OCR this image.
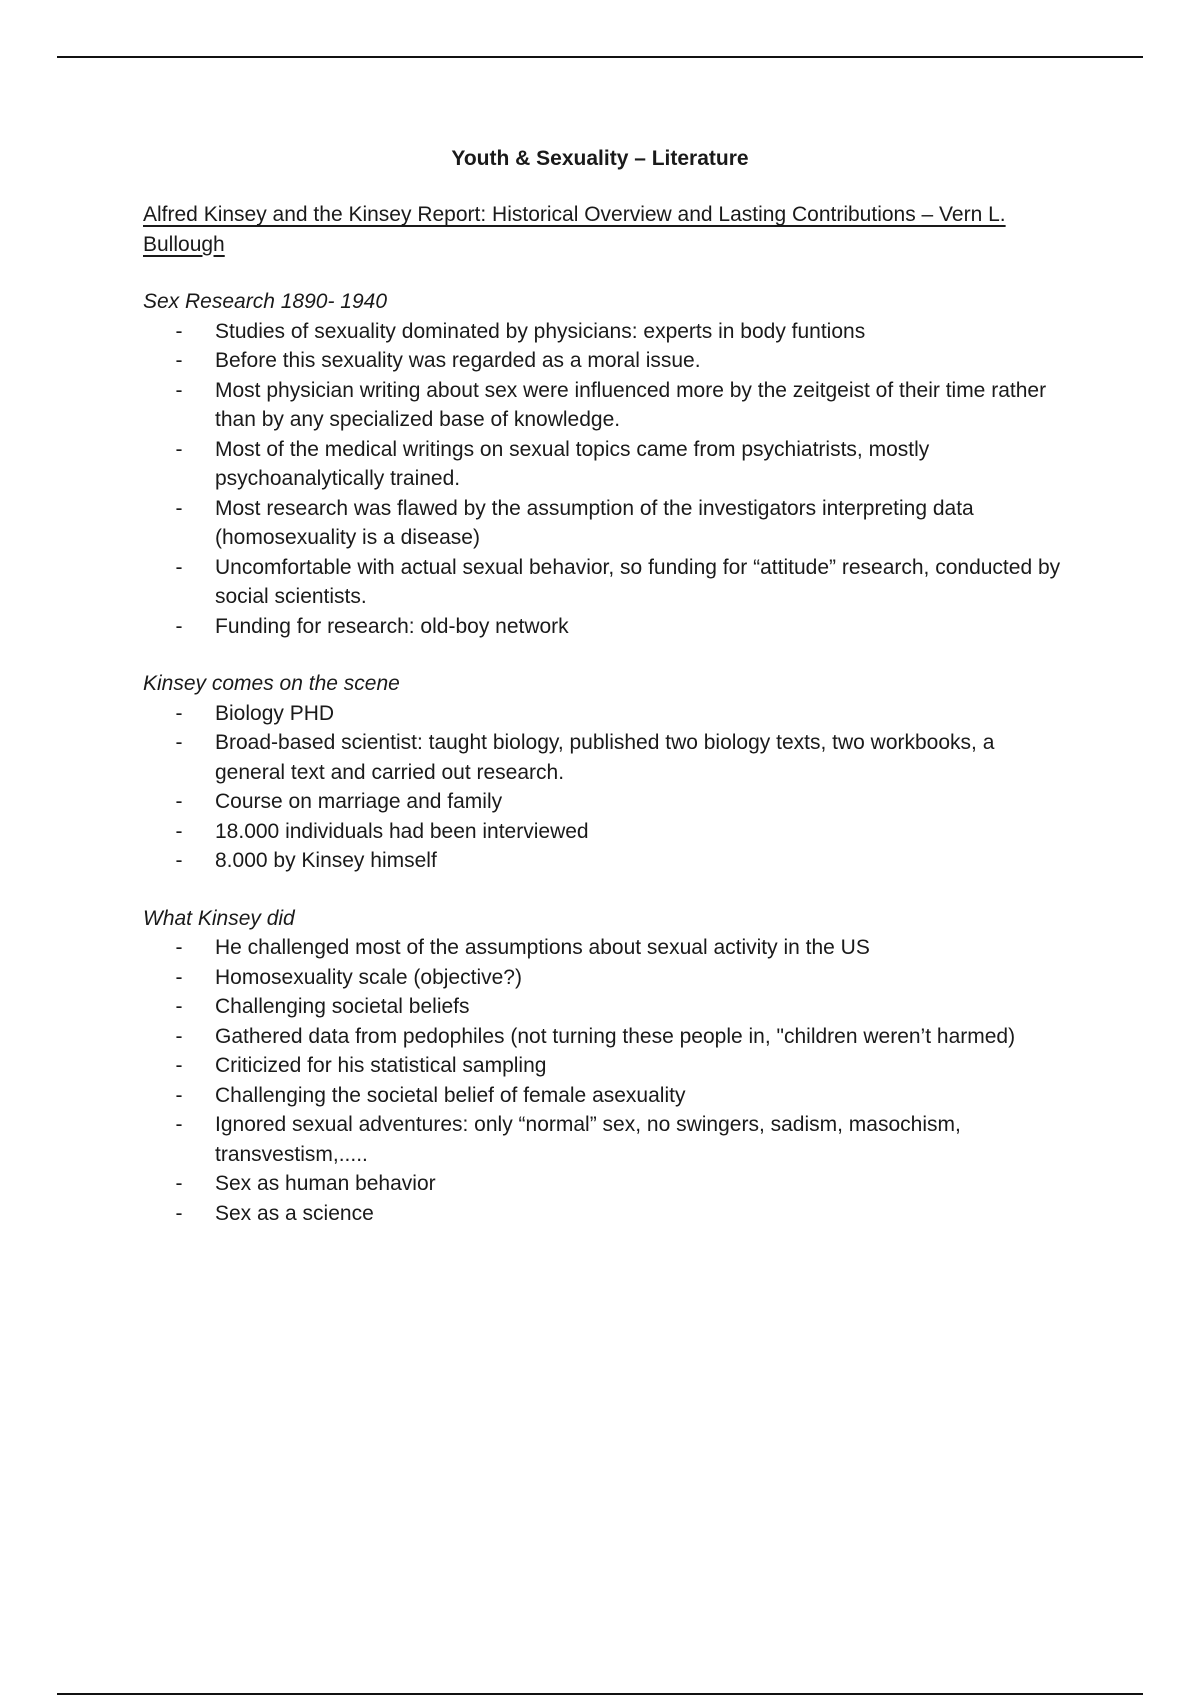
Youth & Sexuality – Literature

Alfred Kinsey and the Kinsey Report: Historical Overview and Lasting Contributions – Vern L. Bullough

Sex Research 1890- 1940

-	Studies of sexuality dominated by physicians: experts in body funtions
-	Before this sexuality was regarded as a moral issue.
-	Most physician writing about sex were influenced more by the zeitgeist of their time rather than by any specialized base of knowledge.
-	Most of the medical writings on sexual topics came from psychiatrists, mostly psychoanalytically trained.
-	Most research was flawed by the assumption of the investigators interpreting data (homosexuality is a disease)
-	Uncomfortable with actual sexual behavior, so funding for “attitude” research, conducted by social scientists.
-	Funding for research: old-boy network

Kinsey comes on the scene

-	Biology PHD
-	Broad-based scientist: taught biology, published two biology texts, two workbooks, a general text and carried out research.
-	Course on marriage and family
-	18.000 individuals had been interviewed
-	8.000 by Kinsey himself

What Kinsey did

-	He challenged most of the assumptions about sexual activity in the US
-	Homosexuality scale (objective?)
-	Challenging societal beliefs
-	Gathered data from pedophiles (not turning these people in, "children weren’t harmed)
-	Criticized for his statistical sampling
-	Challenging the societal belief of female asexuality
-	Ignored sexual adventures: only “normal” sex, no swingers, sadism, masochism, transvestism,.....
-	Sex as human behavior
-	Sex as a science
